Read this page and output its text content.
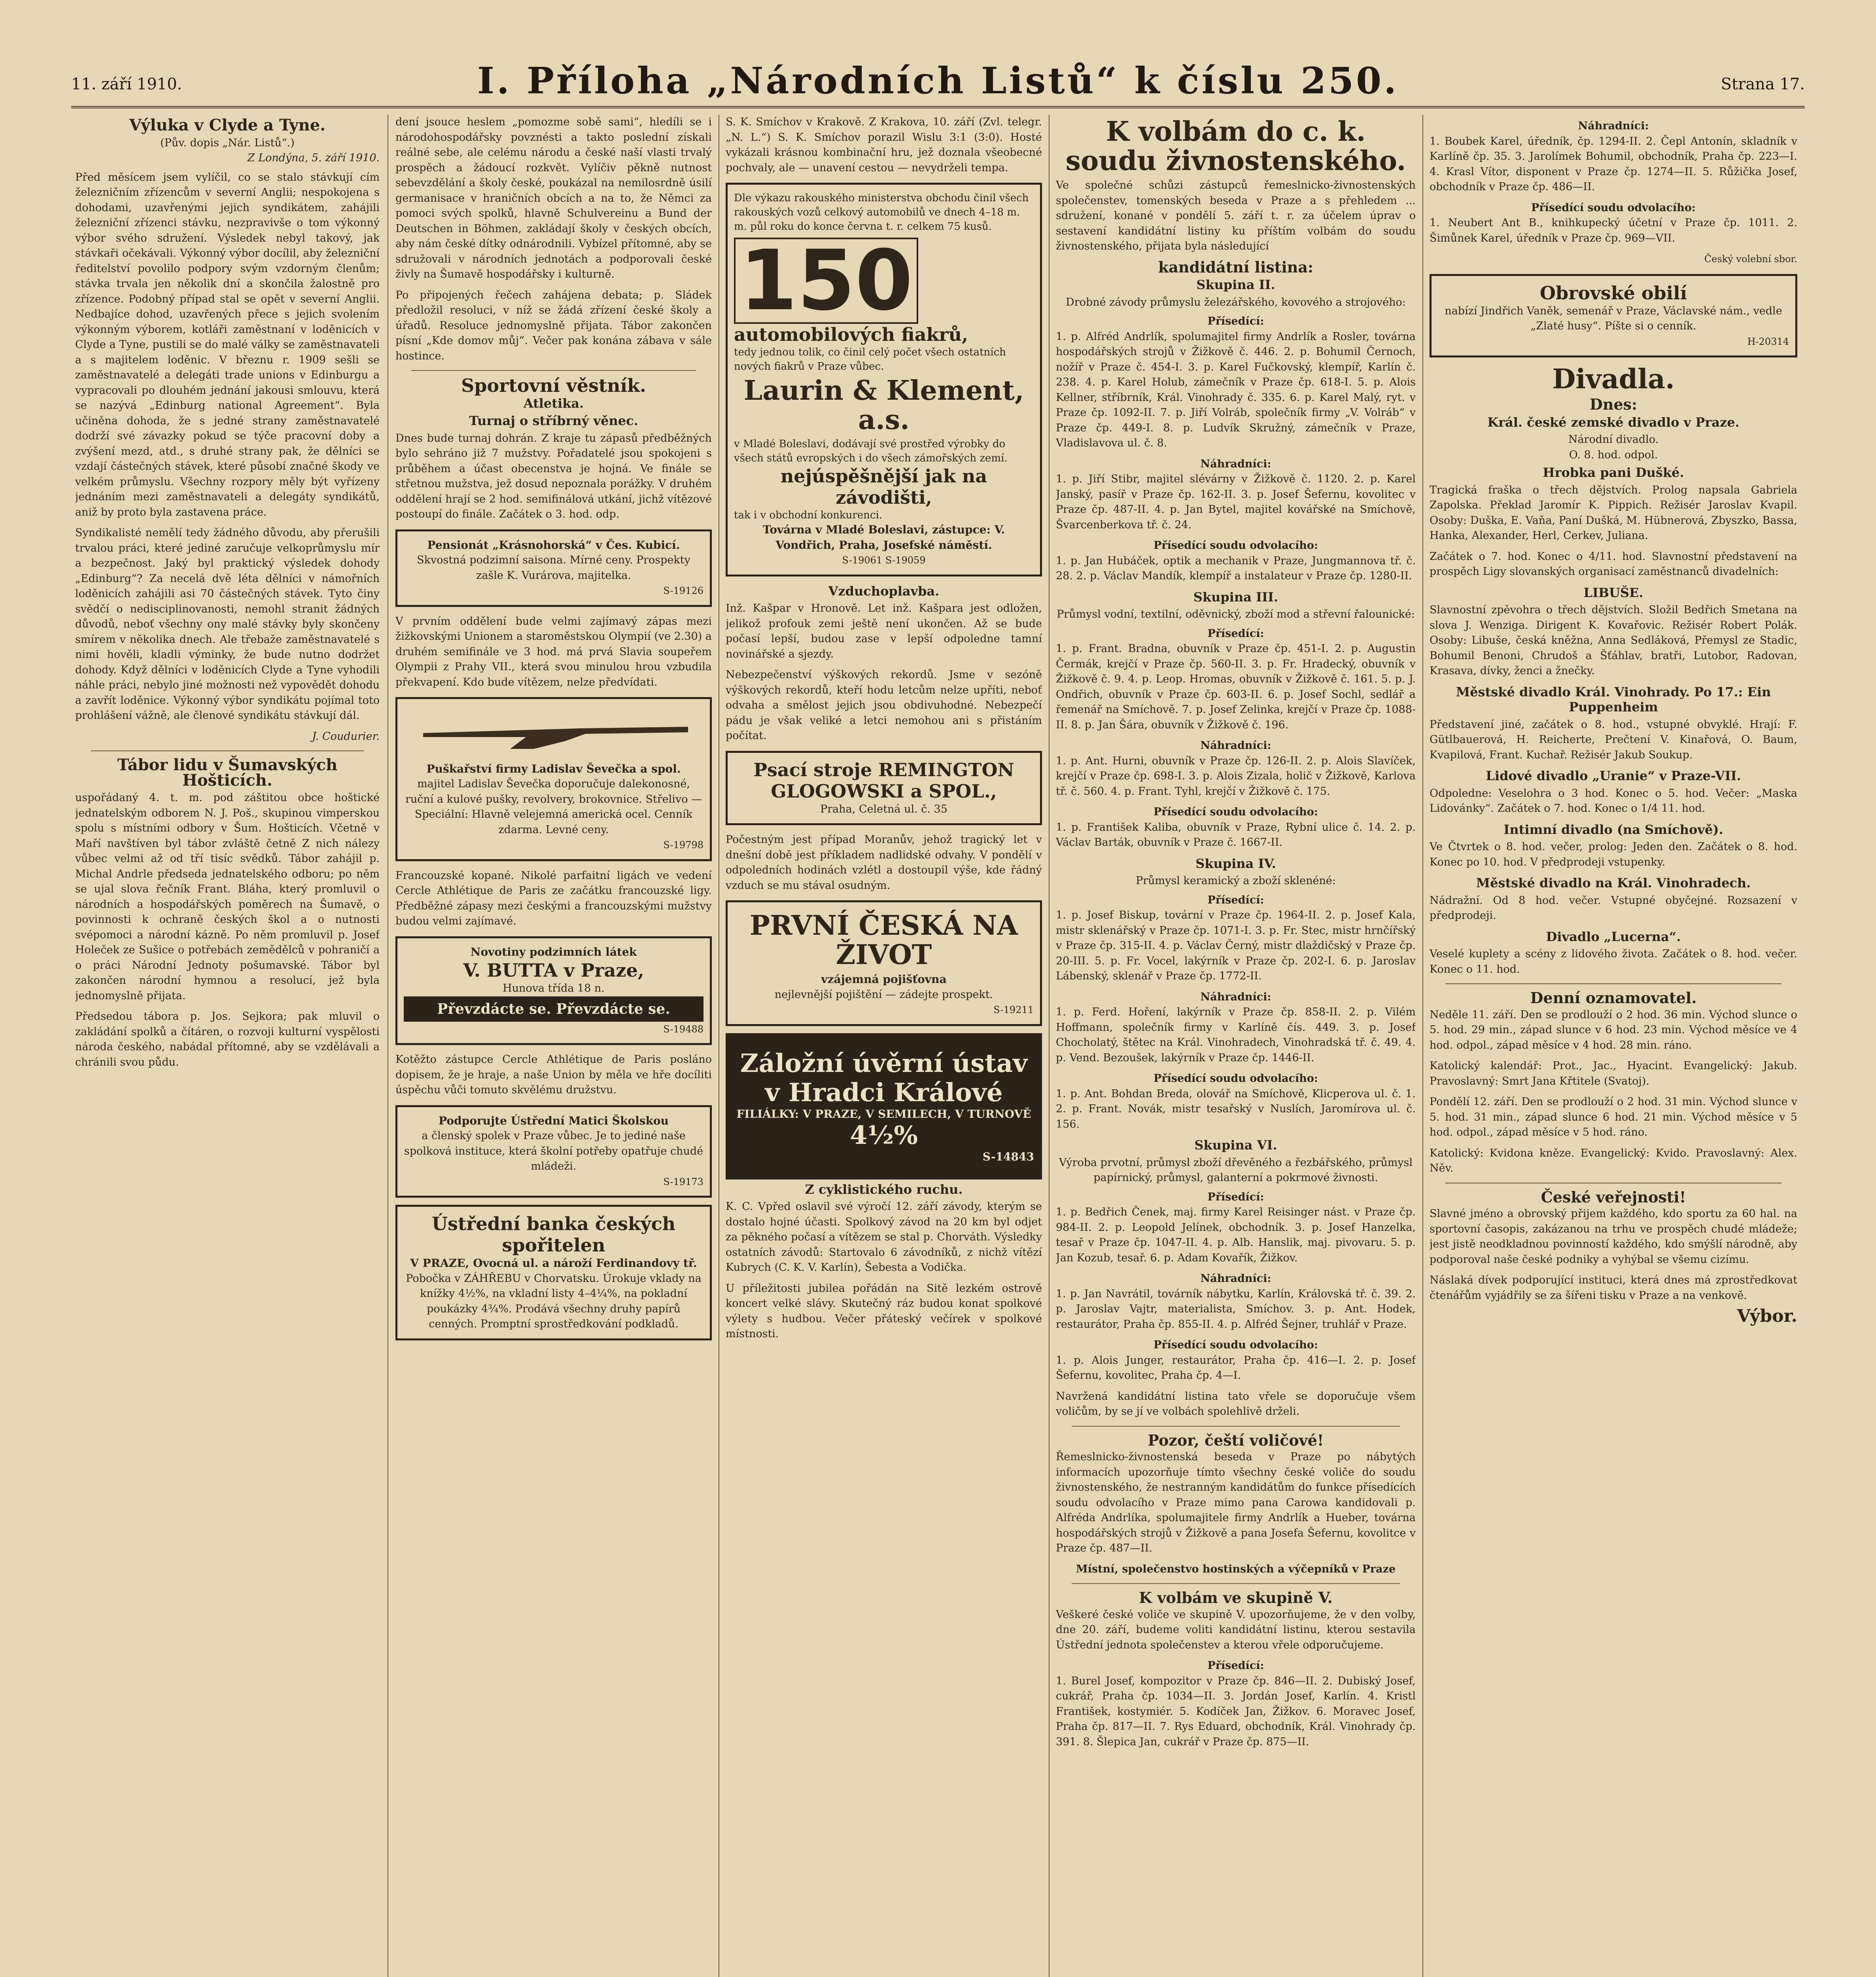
11. září 1910.	I. Příloha „Národních Listů“ k číslu 250.	Strana 17.
Výluka v Clyde a Tyne.
(Pův. dopis „Nár. Listů“.)
Z Londýna, 5. září 1910.

Před měsícem jsem vylíčil, co se stalo stávkují cím železničním zřízencům v severní Anglii; nespokojena s dohodami, uzavřenými jejich syndikátem, zahájili železniční zřízenci stávku, nezpravivše o tom výkonný výbor svého sdružení. Výsledek nebyl takový, jak stávkaři očekávali. Výkonný výbor docílil, aby železniční ředitelství povolilo podpory svým vzdorným členům; stávka trvala jen několik dní a skončila žalostně pro zřízence. Podobný případ stal se opět v severní Anglii. Nedbajíce dohod, uzavřených přece s jejich svolením výkonným výborem, kotláři zaměstnaní v loděnicích v Clyde a Tyne, pustili se do malé války se zaměstnavateli a s majitelem loděnic. V březnu r. 1909 sešli se zaměstnavatelé a delegáti trade unions v Edinburgu a vypracovali po dlouhém jednání jakousi smlouvu, která se nazývá „Edinburg national Agreement“. Byla učiněna dohoda, že s jedné strany zaměstnavatelé dodrží své závazky pokud se týče pracovní doby a zvýšení mezd, atd., s druhé strany pak, že dělníci se vzdají částečných stávek, které působí značné škody ve velkém průmyslu. Všechny rozpory měly být vyřízeny jednáním mezi zaměstnavateli a delegáty syndikátů, aniž by proto byla zastavena práce.

Syndikalisté nemělí tedy žádného důvodu, aby přerušili trvalou práci, které jediné zaručuje velkoprůmyslu mír a bezpečnost. Jaký byl praktický výsledek dohody „Edinburg“? Za necelá dvě léta dělníci v námořních loděnicích zahájili asi 70 částečných stávek. Tyto činy svědčí o nedisciplinovanosti, nemohl stranit žádných důvodů, neboť všechny ony malé stávky byly skončeny smírem v několika dnech. Ale třebaže zaměstnavatelé s nimi hověli, kladli výminky, že bude nutno dodržet dohody. Když dělníci v loděnicích Clyde a Tyne vyhodili náhle práci, nebylo jiné možnosti než vypovědět dohodu a zavřít loděnice. Výkonný výbor syndikátu pojímal toto prohlášení vážně, ale členové syndikátu stávkují dál.

J. Coudurier.
Tábor lidu v Šumavských Hošticích.

uspořádaný 4. t. m. pod záštitou obce hoštické jednatelským odborem N. J. Poš., skupinou vimperskou spolu s místními odbory v Šum. Hošticích. Včetně v Maří navštíven byl tábor zvláště četně Z nich nálezy vůbec velmi až od tří tisíc svědků. Tábor zahájil p. Michal Andrle předseda jednatelského odboru; po něm se ujal slova řečník Frant. Bláha, který promluvil o národních a hospodářských poměrech na Šumavě, o povinnosti k ochraně českých škol a o nutnosti svépomoci a národní kázně. Po něm promluvil p. Josef Holeček ze Sušice o potřebách zemědělců v pohraničí a o práci Národní Jednoty pošumavské. Tábor byl zakončen národní hymnou a resolucí, jež byla jednomyslně přijata.

Předsedou tábora p. Jos. Sejkora; pak mluvil o zakládání spolků a čítáren, o rozvoji kulturní vyspělosti národa českého, nabádal přítomné, aby se vzdělávali a chránili svou půdu.

dení jsouce heslem „pomozme sobě sami“, hledíli se i národohospodářsky povznésti a takto poslední získali reálné sebe, ale celému národu a české naší vlasti trvalý prospěch a žádoucí rozkvět. Vylíčiv pěkně nutnost sebevzdělání a školy české, poukázal na nemilosrdně úsilí germanisace v hraničních obcích a na to, že Němci za pomoci svých spolků, hlavně Schulvereinu a Bund der Deutschen in Böhmen, zakládají školy v českých obcích, aby nám české dítky odnárodnili. Vybízel přítomné, aby se sdružovali v národních jednotách a podporovali české živly na Šumavě hospodářsky i kulturně.

Po připojených řečech zahájena debata; p. Sládek předložil resoluci, v níž se žádá zřízení české školy a úřadů. Resoluce jednomyslně přijata. Tábor zakončen písní „Kde domov můj“. Večer pak konána zábava v sále hostince.

Sportovní věstník.
Atletika.
Turnaj o stříbrný věnec.

Dnes bude turnaj dohrán. Z kraje tu zápasů předběžných bylo sehráno již 7 mužstvy. Pořadatelé jsou spokojeni s průběhem a účast obecenstva je hojná. Ve finále se střetnou mužstva, jež dosud nepoznala porážky. V druhém oddělení hrají se 2 hod. semifinálová utkání, jichž vítězové postoupí do finále. Začátek o 3. hod. odp.

Pensionát „Krásnohorská“ v Čes. Kubicí.
Skvostná podzimní saisona. Mírné ceny. Prospekty zašle K. Vurárova, majitelka.
S-19126

V prvním oddělení bude velmi zajímavý zápas mezi žižkovskými Unionem a staroměstskou Olympií (ve 2.30) a druhém semifinále ve 3 hod. má prvá Slavia soupeřem Olympii z Prahy VII., která svou minulou hrou vzbudila překvapení. Kdo bude vítězem, nelze předvídati.

Puškařství firmy Ladislav Ševečka a spol.
majitel Ladislav Ševečka doporučuje dalekonosné, ruční a kulové pušky, revolvery, brokovnice. Střelivo — Speciální: Hlavně velejemná americká ocel. Cenník zdarma. Levné ceny.
S-19798

Francouzské kopané. Nikolé parfaitní ligách ve vedení Cercle Athlétique de Paris ze začátku francouzské ligy. Předběžné zápasy mezi českými a francouzskými mužstvy budou velmi zajímavé.

Novotiny podzimních látek
V. BUTTA v Praze,
Hunova třída 18 n.
Převzdácte se. Převzdácte se.
S-19488

Kotěžto zástupce Cercle Athlétique de Paris posláno dopisem, že je hraje, a naše Union by měla ve hře docíliti úspěchu vůči tomuto skvělému družstvu.

Podporujte Ústřední Matici Školskou
a členský spolek v Praze vůbec. Je to jediné naše spolková instituce, která školní potřeby opatřuje chudé mládeži.
S-19173
Ústřední banka českých spořitelen
V PRAZE, Ovocná ul. a nároží Ferdinandovy tř.
Pobočka v ZÁHŘEBU v Chorvatsku. Úrokuje vklady na knížky 4½%, na vkladní listy 4–4¼%, na pokladní poukázky 4¾%. Prodává všechny druhy papírů cenných. Promptní sprostředkování podkladů.

S. K. Smíchov v Krakově. Z Krakova, 10. září (Zvl. telegr. „N. L.“) S. K. Smíchov porazil Wislu 3:1 (3:0). Hosté vykázali krásnou kombinační hru, jež doznala všeobecné pochvaly, ale — unavení cestou — nevydrželi tempa.

Dle výkazu rakouského ministerstva obchodu činil všech rakouských vozů celkový automobilů ve dnech 4–18 m. m. půl roku do konce června t. r. celkem 75 kusů.
150
automobilových fiakrů,
tedy jednou tolik, co činil celý počet všech ostatních nových fiakrů v Praze vůbec.
Laurin & Klement, a.s.
v Mladé Boleslavi, dodávají své prostřed výrobky do všech států evropských i do všech zámořských zemí.
nejúspěšnější jak na závodišti,
tak i v obchodní konkurenci.
Továrna v Mladé Boleslavi, zástupce: V. Vondřich, Praha, Josefské náměstí.
S-19061 S-19059
Vzduchoplavba.

Inž. Kašpar v Hronově. Let inž. Kašpara jest odložen, jelikož profouk zemi ještě není ukončen. Až se bude počasí lepší, budou zase v lepší odpoledne tamní novinářské a sjezdy.

Nebezpečenství výškových rekordů. Jsme v sezóně výškových rekordů, kteří hodu letcům nelze upříti, neboť odvaha a smělost jejich jsou obdivuhodné. Nebezpečí pádu je však veliké a letci nemohou ani s přistáním počítat.

Psací stroje REMINGTON
GLOGOWSKI a SPOL.,
Praha, Celetná ul. č. 35

Počestným jest případ Moranův, jehož tragický let v dnešní době jest příkladem nadlidské odvahy. V pondělí v odpoledních hodinách vzlétl a dostoupil výše, kde řádný vzduch se mu stával osudným.

PRVNÍ ČESKÁ NA ŽIVOT
vzájemná pojišťovna
nejlevnější pojištění — zádejte prospekt.
S-19211
Záložní úvěrní ústav v Hradci Králové
FILIÁLKY: V PRAZE, V SEMILECH, V TURNOVĚ
4½%
S-14843
Z cyklistického ruchu.

K. C. Vpřed oslavil své výročí 12. září závody, kterým se dostalo hojné účasti. Spolkový závod na 20 km byl odjet za pěkného počasí a vítězem se stal p. Chorváth. Výsledky ostatních závodů: Startovalo 6 závodníků, z nichž vítězí Kubrych (C. K. V. Karlín), Šebesta a Vodička.

U příležitosti jubilea pořádán na Sitě lezkém ostrově koncert velké slávy. Skutečný ráz budou konat spolkové výlety s hudbou. Večer přáteský večírek v spolkové místnosti.

K volbám do c. k. soudu živnostenského.

Ve společné schůzi zástupců řemeslnicko-živnostenských společenstev, tomenských beseda v Praze a s přehledem ... sdružení, konané v pondělí 5. září t. r. za účelem úprav o sestavení kandidátní listiny ku příštím volbám do soudu živnostenského, přijata byla následující

kandidátní listina:
Skupina II.
Drobné závody průmyslu železářského, kovového a strojového:
Přísedící:

1. p. Alfréd Andrlík, spolumajitel firmy Andrlík a Rosler, továrna hospodářských strojů v Žižkově č. 446. 2. p. Bohumil Černoch, nožíř v Praze č. 454-I. 3. p. Karel Fučkovský, klempíř, Karlín č. 238. 4. p. Karel Holub, zámečník v Praze čp. 618-I. 5. p. Alois Kellner, stříbrník, Král. Vinohrady č. 335. 6. p. Karel Malý, ryt. v Praze čp. 1092-II. 7. p. Jiří Volráb, společník firmy „V. Volráb“ v Praze čp. 449-I. 8. p. Ludvík Skružný, zámečník v Praze, Vladislavova ul. č. 8.

Náhradníci:

1. p. Jiří Stibr, majitel slévárny v Žižkově č. 1120. 2. p. Karel Janský, pasíř v Praze čp. 162-II. 3. p. Josef Šefernu, kovolitec v Praze čp. 487-II. 4. p. Jan Bytel, majitel kovářské na Smíchově, Švarcenberkova tř. č. 24.

Přísedící soudu odvolacího:

1. p. Jan Hubáček, optik a mechanik v Praze, Jungmannova tř. č. 28. 2. p. Václav Mandík, klempíř a instalateur v Praze čp. 1280-II.

Skupina III.
Průmysl vodní, textilní, oděvnický, zboží mod a střevní řalounické:
Přísedící:

1. p. Frant. Bradna, obuvník v Praze čp. 451-I. 2. p. Augustin Čermák, krejčí v Praze čp. 560-II. 3. p. Fr. Hradecký, obuvník v Žižkově č. 9. 4. p. Leop. Hromas, obuvník v Žižkově č. 161. 5. p. J. Ondřich, obuvník v Praze čp. 603-II. 6. p. Josef Sochl, sedlář a řemenář na Smíchově. 7. p. Josef Zelinka, krejčí v Praze čp. 1088-II. 8. p. Jan Šára, obuvník v Žižkově č. 196.

Náhradníci:

1. p. Ant. Hurni, obuvník v Praze čp. 126-II. 2. p. Alois Slavíček, krejčí v Praze čp. 698-I. 3. p. Alois Zizala, holič v Žižkově, Karlova tř. č. 560. 4. p. Frant. Tyhl, krejčí v Žižkově č. 175.

Přísedící soudu odvolacího:

1. p. František Kaliba, obuvník v Praze, Rybní ulice č. 14. 2. p. Václav Barták, obuvník v Praze č. 1667-II.

Skupina IV.
Průmysl keramický a zboží sklenéné:
Přísedící:

1. p. Josef Biskup, tovární v Praze čp. 1964-II. 2. p. Josef Kala, mistr sklenářský v Praze čp. 1071-I. 3. p. Fr. Stec, mistr hrnčířský v Praze čp. 315-II. 4. p. Václav Černý, mistr dlaždičský v Praze čp. 20-III. 5. p. Fr. Vocel, lakýrník v Praze čp. 202-I. 6. p. Jaroslav Lábenský, sklenář v Praze čp. 1772-II.

Náhradníci:

1. p. Ferd. Hoření, lakýrník v Praze čp. 858-II. 2. p. Vilém Hoffmann, společník firmy v Karlíně čís. 449. 3. p. Josef Chocholatý, štětec na Král. Vinohradech, Vinohradská tř. č. 49. 4. p. Vend. Bezoušek, lakýrník v Praze čp. 1446-II.

Přísedící soudu odvolacího:

1. p. Ant. Bohdan Breda, olovář na Smíchově, Klicperova ul. č. 1. 2. p. Frant. Novák, mistr tesařský v Nuslích, Jaromírova ul. č. 156.

Skupina VI.
Výroba prvotní, průmysl zboží dřevěného a řezbářského, průmysl papírnický, průmysl, galanterní a pokrmové živnosti.
Přísedící:

1. p. Bedřich Čenek, maj. firmy Karel Reisinger nást. v Praze čp. 984-II. 2. p. Leopold Jelínek, obchodník. 3. p. Josef Hanzelka, tesař v Praze čp. 1047-II. 4. p. Alb. Hanslik, maj. pivovaru. 5. p. Jan Kozub, tesař. 6. p. Adam Kovařík, Žižkov.

Náhradníci:

1. p. Jan Navrátil, továrník nábytku, Karlín, Královská tř. č. 39. 2. p. Jaroslav Vajtr, materialista, Smíchov. 3. p. Ant. Hodek, restaurátor, Praha čp. 855-II. 4. p. Alfréd Šejner, truhlář v Praze.

Přísedící soudu odvolacího:

1. p. Alois Junger, restaurátor, Praha čp. 416—I. 2. p. Josef Šefernu, kovolitec, Praha čp. 4—I.

Navržená kandidátní listina tato vřele se doporučuje všem voličům, by se jí ve volbách spolehlivě drželi.

Pozor, čeští voličové!

Řemeslnicko-živnostenská beseda v Praze po nábytých informacích upozorňuje tímto všechny české voliče do soudu živnostenského, že nestranným kandidátům do funkce přísedících soudu odvolacího v Praze mimo pana Carowa kandidovali p. Alfréda Andrlíka, spolumajitele firmy Andrlík a Hueber, továrna hospodářských strojů v Žižkově a pana Josefa Šefernu, kovolitce v Praze čp. 487—II.

Místní, společenstvo hostinských a výčepníků v Praze
K volbám ve skupině V.

Veškeré české voliče ve skupině V. upozorňujeme, že v den volby, dne 20. září, budeme voliti kandidátní listinu, kterou sestavila Ústřední jednota společenstev a kterou vřele odporučujeme.

Přísedící:

1. Burel Josef, kompozitor v Praze čp. 846—II. 2. Dubiský Josef, cukrář, Praha čp. 1034—II. 3. Jordán Josef, Karlín. 4. Kristl František, kostymiér. 5. Kodíček Jan, Žižkov. 6. Moravec Josef, Praha čp. 817—II. 7. Rys Eduard, obchodník, Král. Vinohrady čp. 391. 8. Šlepica Jan, cukrář v Praze čp. 875—II.

Náhradníci:

1. Boubek Karel, úředník, čp. 1294-II. 2. Čepl Antonín, skladník v Karlíně čp. 35. 3. Jarolímek Bohumil, obchodník, Praha čp. 223—I. 4. Krasl Vítor, disponent v Praze čp. 1274—II. 5. Růžička Josef, obchodník v Praze čp. 486—II.

Přísedící soudu odvolacího:

1. Neubert Ant B., knihkupecký účetní v Praze čp. 1011. 2. Šimůnek Karel, úředník v Praze čp. 969—VII.

Český volební sbor.
Obrovské obilí
nabízí Jindřich Vaněk, semenář v Praze, Václavské nám., vedle „Zlaté husy“. Píšte si o cenník.
H-20314
Divadla.
Dnes:
Král. české zemské divadlo v Praze.
Národní divadlo.
O. 8. hod. odpol.
Hrobka pani Dušké.

Tragická fraška o třech dějstvích. Prolog napsala Gabriela Zapolska. Překlad Jaromír K. Pippich. Režisér Jaroslav Kvapil. Osoby: Duška, E. Vaňa, Paní Dušká, M. Hübnerová, Zbyszko, Bassa, Hanka, Alexander, Herl, Cerkev, Juliana.

Začátek o 7. hod. Konec o 4/11. hod. Slavnostní představení na prospěch Ligy slovanských organisací zaměstnanců divadelních:

LIBUŠE.

Slavnostní zpěvohra o třech dějstvích. Složil Bedřich Smetana na slova J. Wenziga. Dirigent K. Kovařovic. Režisér Robert Polák. Osoby: Libuše, česká kněžna, Anna Sedláková, Přemysl ze Stadic, Bohumil Benoni, Chrudoš a Šťáhlav, bratři, Lutobor, Radovan, Krasava, dívky, ženci a žnečky.

Městské divadlo Král. Vinohrady. Po 17.: Ein Puppenheim

Představení jiné, začátek o 8. hod., vstupné obvyklé. Hrají: F. Gütlbauerová, H. Reicherte, Prečtení V. Kinařová, O. Baum, Kvapilová, Frant. Kuchař. Režisér Jakub Soukup.

Lidové divadlo „Uranie“ v Praze-VII.

Odpoledne: Veselohra o 3 hod. Konec o 5. hod. Večer: „Maska Lidovánky“. Začátek o 7. hod. Konec o 1/4 11. hod.

Intimní divadlo (na Smíchově).

Ve Čtvrtek o 8. hod. večer, prolog: Jeden den. Začátek o 8. hod. Konec po 10. hod. V předprodeji vstupenky.

Městské divadlo na Král. Vinohradech.

Nádražní. Od 8 hod. večer. Vstupné obyčejné. Rozsazení v předprodeji.

Divadlo „Lucerna“.

Veselé kuplety a scény z lidového života. Začátek o 8. hod. večer. Konec o 11. hod.

Denní oznamovatel.

Neděle 11. září. Den se prodlouží o 2 hod. 36 min. Východ slunce o 5. hod. 29 min., západ slunce v 6 hod. 23 min. Východ měsíce ve 4 hod. odpol., západ měsíce v 4 hod. 28 min. ráno.

Katolický kalendář: Prot., Jac., Hyacint. Evangelický: Jakub. Pravoslavný: Smrt Jana Křtitele (Svatoj).

Pondělí 12. září. Den se prodlouží o 2 hod. 31 min. Východ slunce v 5. hod. 31 min., západ slunce 6 hod. 21 min. Východ měsíce v 5 hod. odpol., západ měsíce v 5 hod. ráno.

Katolický: Kvidona kněze. Evangelický: Kvido. Pravoslavný: Alex. Něv.

České veřejnosti!

Slavné jméno a obrovský přijem každého, kdo sportu za 60 hal. na sportovní časopis, zakázanou na trhu ve prospěch chudé mládeže; jest jistě neodkladnou povinností každého, kdo smýšlí národně, aby podporoval naše české podniky a vyhýbal se všemu cizímu.

Náslaká dívek podporující instituci, která dnes má zprostředkovat čtenářům vyjádřily se za šířeni tisku v Praze a na venkově.

Výbor.
